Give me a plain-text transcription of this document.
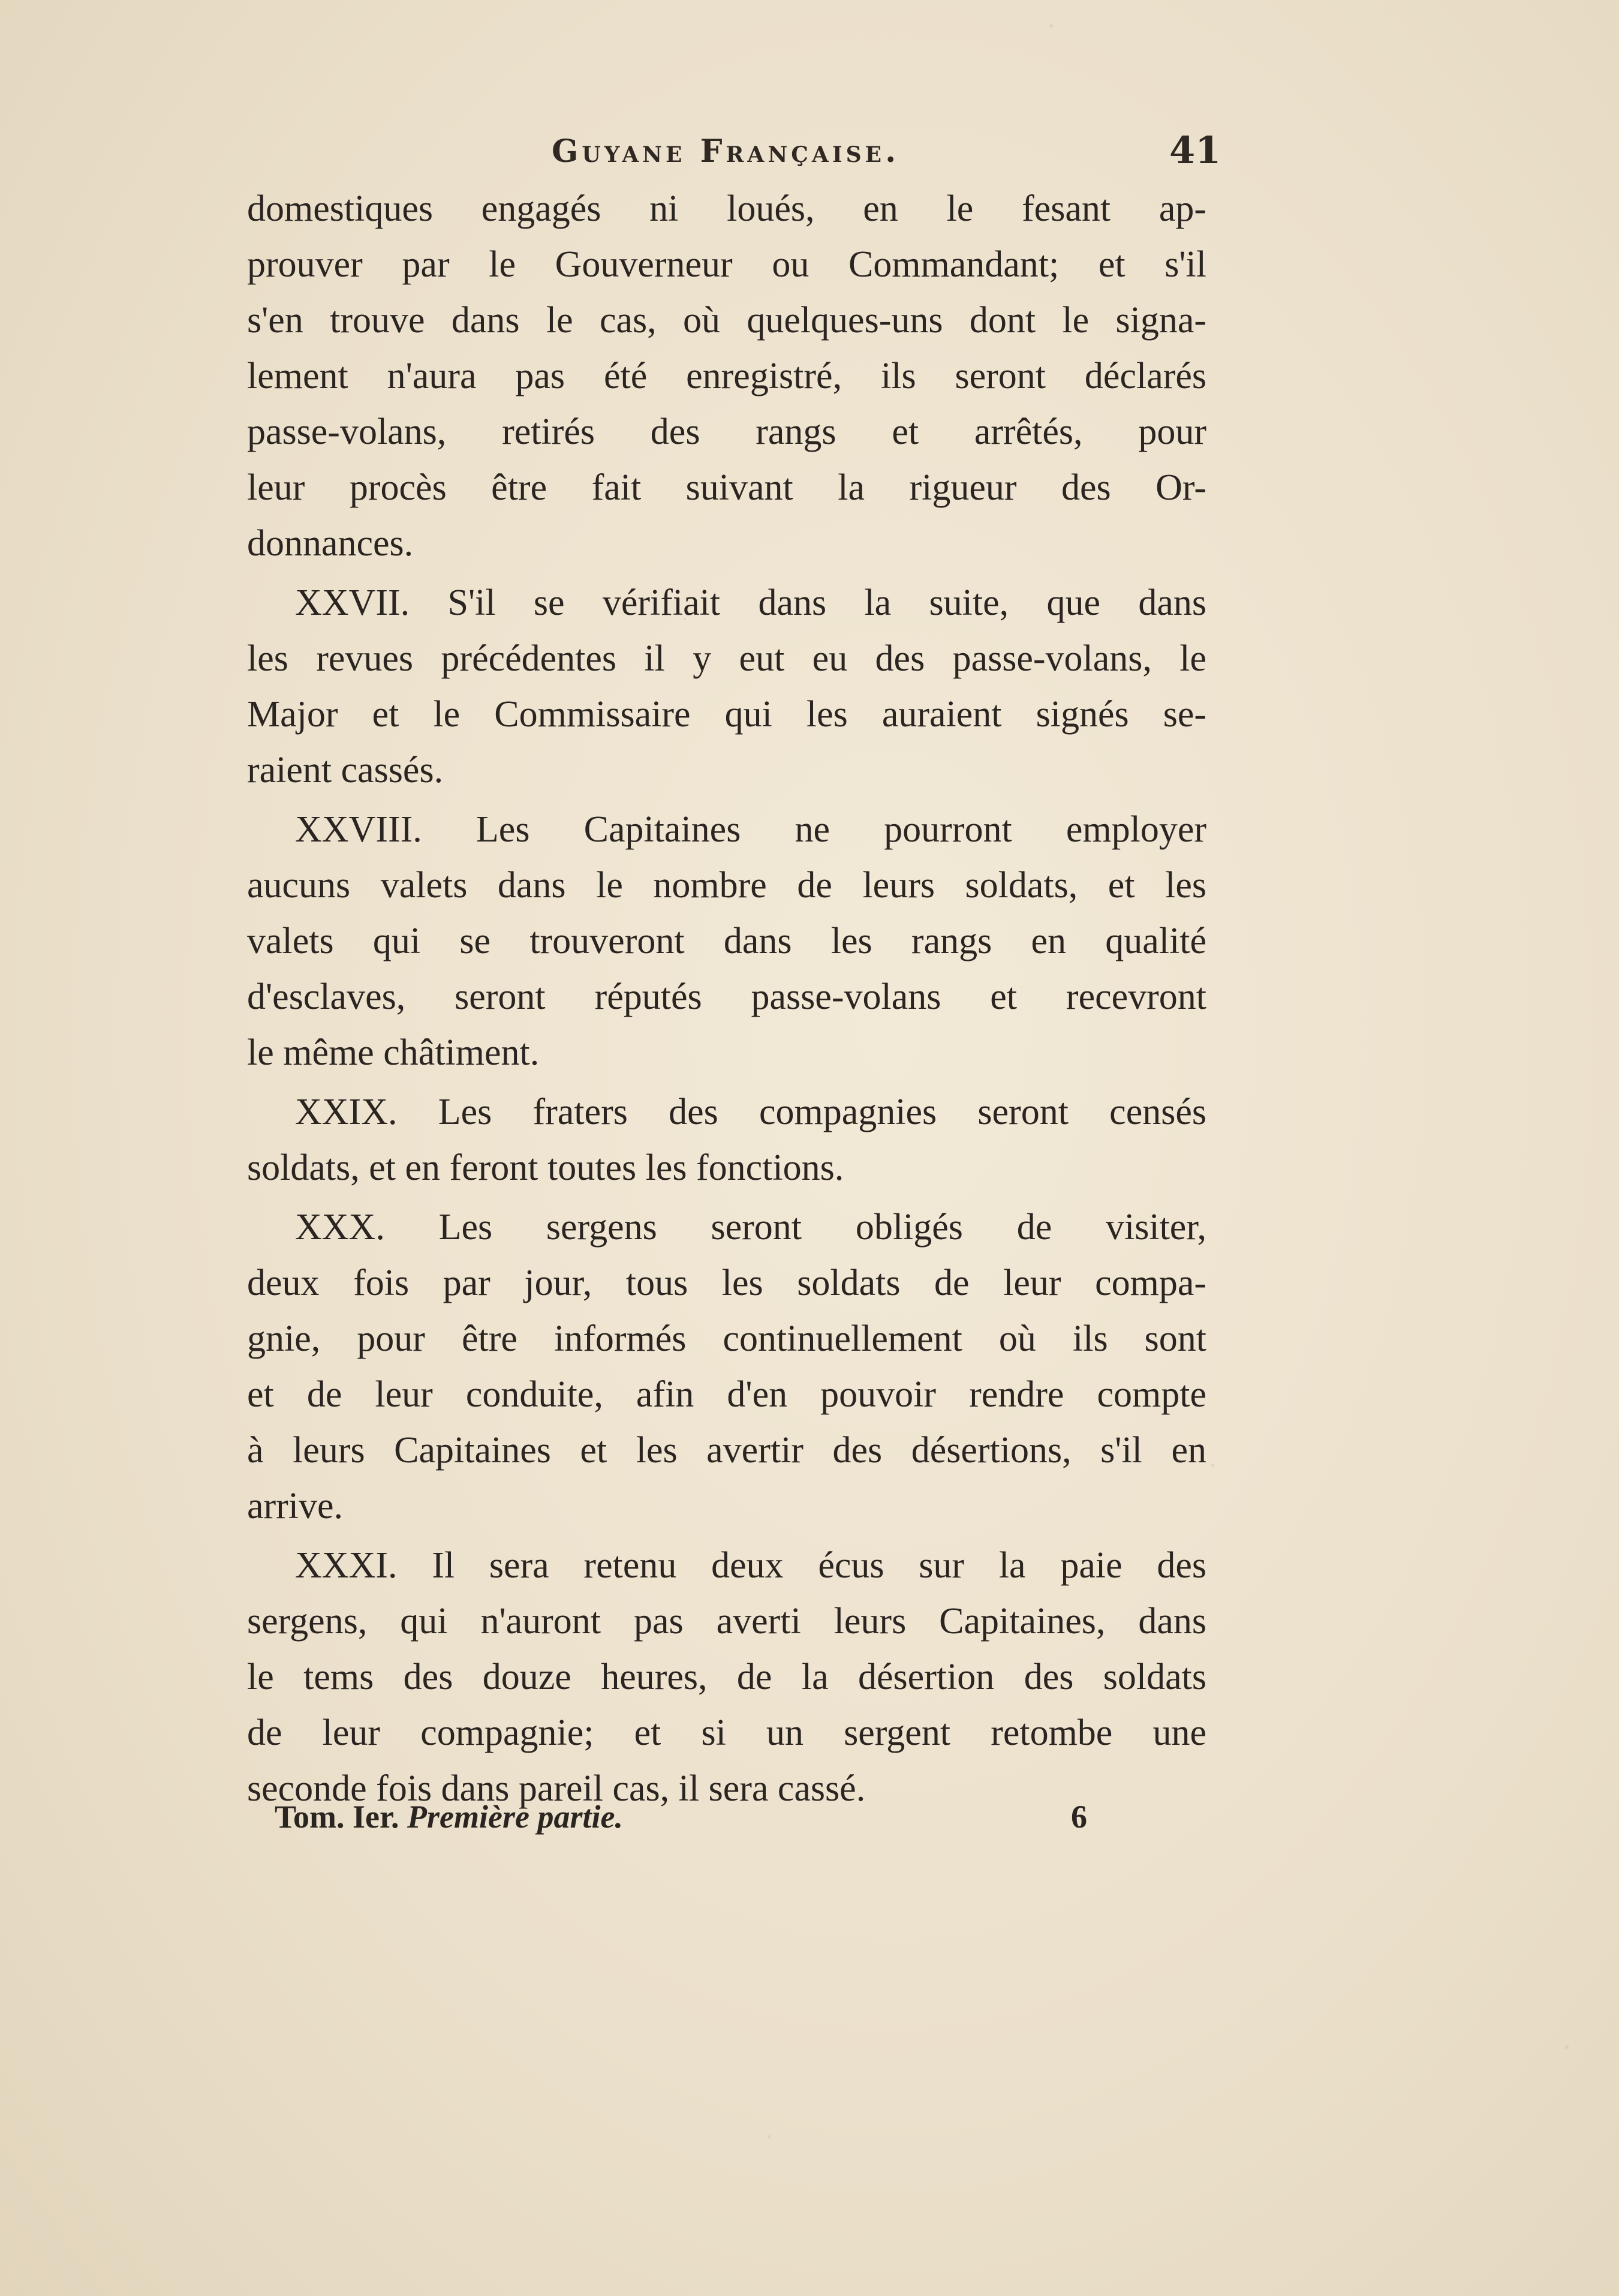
Guyane Française.	41
domestiques engagés ni loués, en le fesant ap-
prouver par le Gouverneur ou Commandant; et s'il
s'en trouve dans le cas, où quelques-uns dont le signa-
lement n'aura pas été enregistré, ils seront déclarés
passe-volans, retirés des rangs et arrêtés, pour
leur procès être fait suivant la rigueur des Or-
donnances.
XXVII. S'il se vérifiait dans la suite, que dans
les revues précédentes il y eut eu des passe-volans, le
Major et le Commissaire qui les auraient signés se-
raient cassés.
XXVIII. Les Capitaines ne pourront employer
aucuns valets dans le nombre de leurs soldats, et les
valets qui se trouveront dans les rangs en qualité
d'esclaves, seront réputés passe-volans et recevront
le même châtiment.
XXIX. Les fraters des compagnies seront censés
soldats, et en feront toutes les fonctions.
XXX. Les sergens seront obligés de visiter,
deux fois par jour, tous les soldats de leur compa-
gnie, pour être informés continuellement où ils sont
et de leur conduite, afin d'en pouvoir rendre compte
à leurs Capitaines et les avertir des désertions, s'il en
arrive.
XXXI. Il sera retenu deux écus sur la paie des
sergens, qui n'auront pas averti leurs Capitaines, dans
le tems des douze heures, de la désertion des soldats
de leur compagnie; et si un sergent retombe une
seconde fois dans pareil cas, il sera cassé.
Tom. Ier. Première partie.	6
